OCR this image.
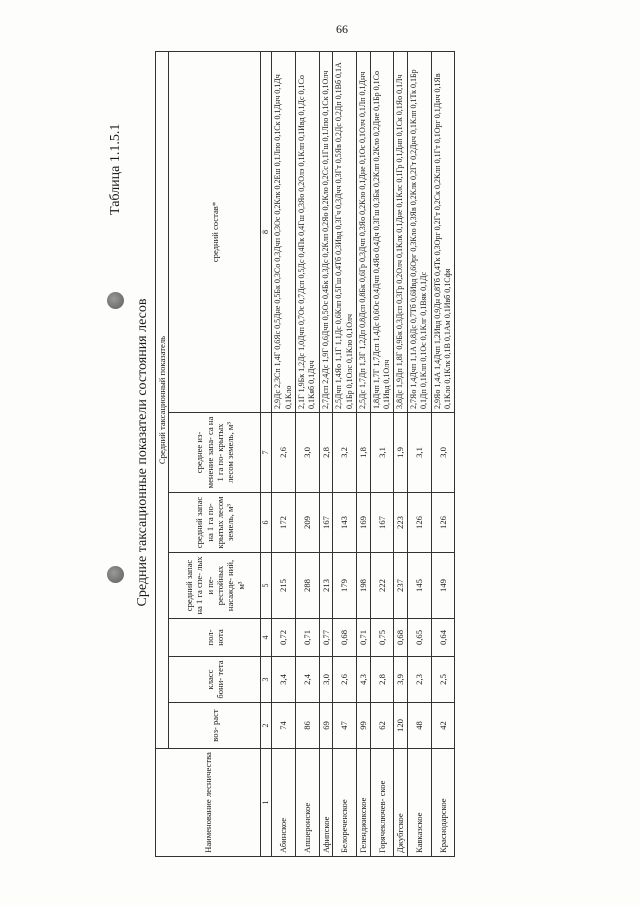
66
Таблица 1.1.5.1
Средние таксационные показатели состояния лесов
Наименование лесничества	Средний таксационный показатель						
	воз- раст	класс бони- тета	пол- нота	средний запас на 1 га спе- лых и пе- рестойных насажде- ний, м³	средний запас на 1 га по- крытых лесом земель, м³	среднее из- менение запа- са на 1 га по- крытых лесом земель, м³	средний состав*
1	2	3	4	5	6	7	8
Абинское	74	3,4	0,72	215	172	2,6	2,9Дс 2,3Сп 1,4Г 0,6Яс 0,5Дне 0,5Бк 0,3Со 0,3Дчп 0,3Ос 0,2Клк 0,2Еш 0,1Лпо 0,1Ск 0,1Днч 0,1Дч 0,1Кло
Апшеронское	86	2,4	0,71	288	209	3,0	2,1Г 1,9Бк 1,2Дс 1,0Дчп 0,7Ос 0,7Дсп 0,5Дс 0,4Пк 0,4Гш 0,3Яо 0,2Олэ 0,1Клп 0,1Ивд 0,1Дс 0,1Со 0,1Кяб 0,1Дчч
Афипское	69	3,0	0,77	213	167	2,8	2,7Дсп 2,4Дс 1,9Г 0,6Дчп 0,5Ос 0,4Бк 0,3Дс 0,2Клп 0,2Яо 0,2Кло 0,2Сс 0,1Гш 0,1Лпо 0,1Ск 0,1Олч
Белореченское	47	2,6	0,68	179	143	3,2	2,5Дчп 1,4Яо 1,1Г 1,1Дс 0,6Клп 0,5Гш 0,4Тб 0,3Ивд 0,3Гч 0,3Дчч 0,3Гт 0,5Яв 0,2Дс 0,2Дп 0,1Вб 0,1А 0,1Бр 0,1Олс 0,1Кло 0,1Олч
Геленджикское	99	4,3	0,71	198	169	1,8	2,5Дс 1,7Дп 1,3Г 1,2Дп 0,8Дсп 0,8Бк 0,6Гр 0,3Дчп 0,3Яо 0,2Кло 0,1Дне 0,1Ос 0,1Олч 0,1Лп 0,1Днч
Горячеключев- ское	62	2,8	0,75	222	167	3,1	1,8Дчп 1,7Г 1,7Дсп 1,4Дс 0,6Ос 0,4Дчп 0,4Яо 0,4Дч 0,3Гш 0,3Бк 0,2Клп 0,2Кло 0,2Дне 0,1Бр 0,1Со 0,1Ивд 0,1Олч
Джубгское	120	3,9	0,68	237	223	1,9	3,8Дс 1,9Дп 1,8Г 0,9Бк 0,3Дсп 0,3Гр 0,2Олч 0,1Клк 0,1Дне 0,1Клс 0,1Гр 0,1Днп 0,1Ск 0,1Яо 0,1Лч
Кавказское	48	2,3	0,65	145	126	3,1	2,7Яо 1,4Дчп 1,1А 0,8Дс 0,7Тб 0,6Ивд 0,6Орг 0,3Кло 0,3Яв 0,2Клк 0,2Гт 0,2Днч 0,1Клп 0,1Тк 0,1Бр 0,1Дп 0,1Клп 0,1Ос 0,1Клг 0,1Вяк 0,1Дс
Краснодарское	42	2,5	0,64	149	126	3,0	2,9Яо 1,4А 1,4Дчп 1,2Ивд 0,9Дн 0,8Тб 0,4Тк 0,3Орг 0,2Гт 0,2Ск 0,2Клп 0,1Гт 0,1Орг 0,1Днч 0,1Яв 0,1Кло 0,1Клк 0,1В 0,1Ам 0,1Ивб 0,1Сфя
